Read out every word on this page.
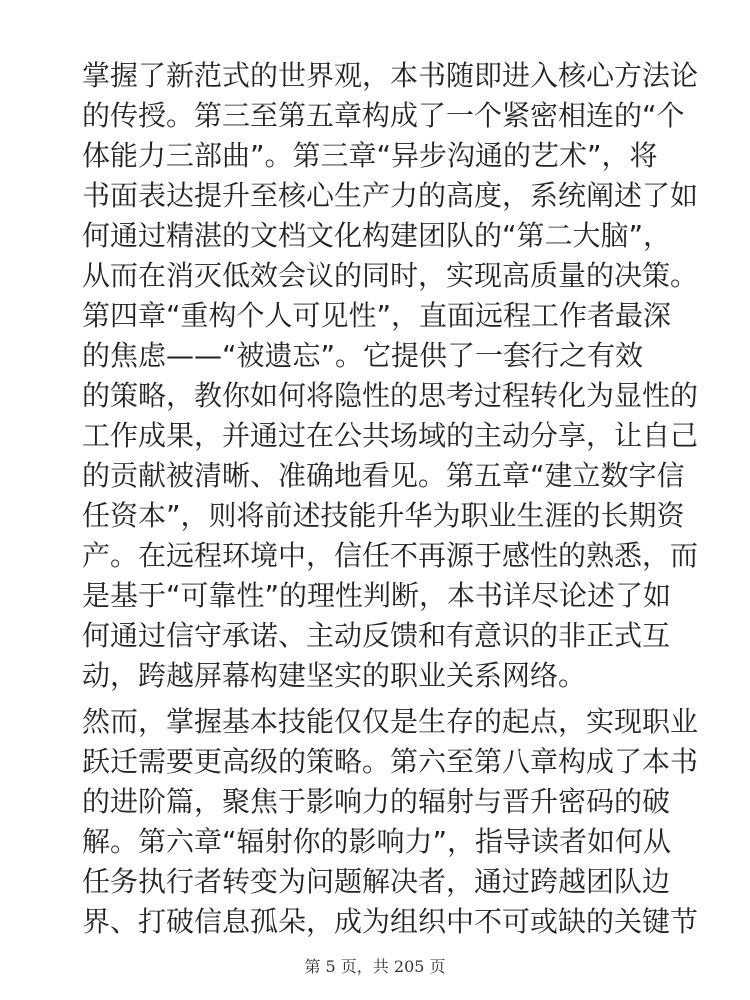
掌握了新范式的世界观，本书随即进入核心方法论
的传授。第三至第五章构成了一个紧密相连的“个
体能力三部曲”。第三章“异步沟通的艺术”，将
书面表达提升至核心生产力的高度，系统阐述了如
何通过精湛的文档文化构建团队的“第二大脑”，
从而在消灭低效会议的同时，实现高质量的决策。
第四章“重构个人可见性”，直面远程工作者最深
的焦虑——“被遗忘”。它提供了一套行之有效
的策略，教你如何将隐性的思考过程转化为显性的
工作成果，并通过在公共场域的主动分享，让自己
的贡献被清晰、准确地看见。第五章“建立数字信
任资本”，则将前述技能升华为职业生涯的长期资
产。在远程环境中，信任不再源于感性的熟悉，而
是基于“可靠性”的理性判断，本书详尽论述了如
何通过信守承诺、主动反馈和有意识的非正式互
动，跨越屏幕构建坚实的职业关系网络。
然而，掌握基本技能仅仅是生存的起点，实现职业
跃迁需要更高级的策略。第六至第八章构成了本书
的进阶篇，聚焦于影响力的辐射与晋升密码的破
解。第六章“辐射你的影响力”，指导读者如何从
任务执行者转变为问题解决者，通过跨越团队边
界、打破信息孤朵，成为组织中不可或缺的关键节
第 5 页，共 205 页
